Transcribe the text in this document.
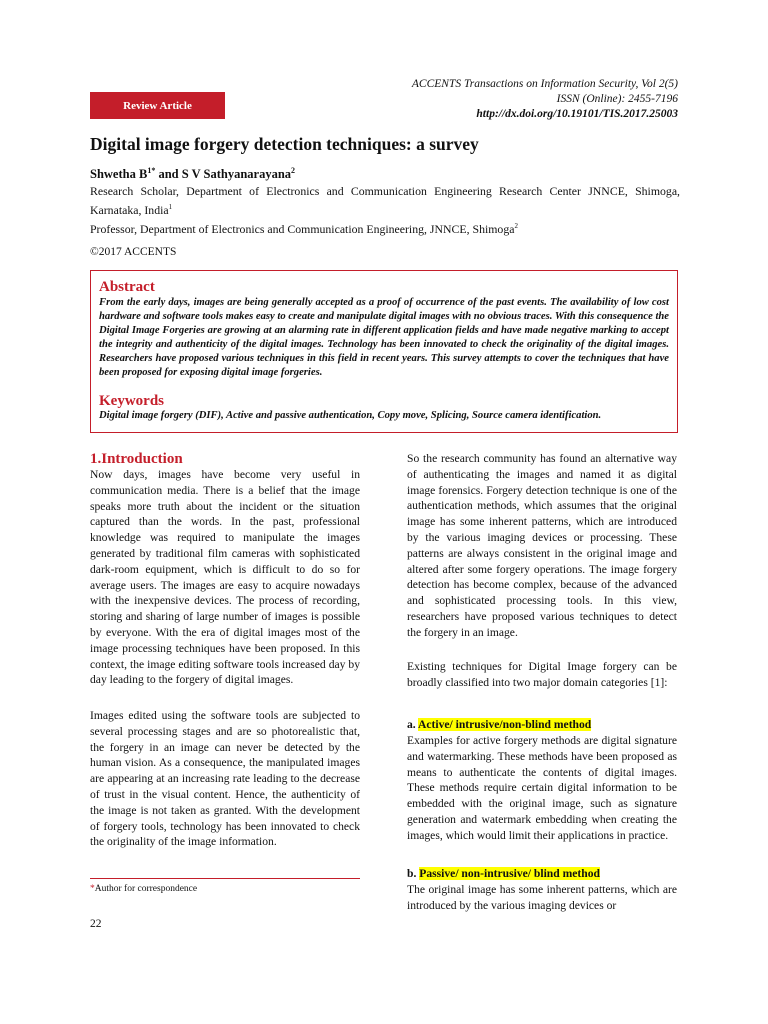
ACCENTS Transactions on Information Security, Vol 2(5)
ISSN (Online): 2455-7196
http://dx.doi.org/10.19101/TIS.2017.25003
Review Article
Digital image forgery detection techniques: a survey
Shwetha $B^{1*}$ and S V Sathyanarayana$^2$
Research Scholar, Department of Electronics and Communication Engineering Research Center JNNCE, Shimoga, Karnataka, India$^1$
Professor, Department of Electronics and Communication Engineering, JNNCE, Shimoga$^2$
©2017 ACCENTS
Abstract
From the early days, images are being generally accepted as a proof of occurrence of the past events. The availability of low cost hardware and software tools makes easy to create and manipulate digital images with no obvious traces. With this consequence the Digital Image Forgeries are growing at an alarming rate in different application fields and have made negative marking to accept the integrity and authenticity of the digital images. Technology has been innovated to check the originality of the digital images. Researchers have proposed various techniques in this field in recent years. This survey attempts to cover the techniques that have been proposed for exposing digital image forgeries.
Keywords
Digital image forgery (DIF), Active and passive authentication, Copy move, Splicing, Source camera identification.
1.Introduction

Now days, images have become very useful in communication media. There is a belief that the image speaks more truth about the incident or the situation captured than the words. In the past, professional knowledge was required to manipulate the images generated by traditional film cameras with sophisticated dark-room equipment, which is difficult to do so for average users. The images are easy to acquire nowadays with the inexpensive devices. The process of recording, storing and sharing of large number of images is possible by everyone. With the era of digital images most of the image processing techniques have been proposed. In this context, the image editing software tools increased day by day leading to the forgery of digital images.

Images edited using the software tools are subjected to several processing stages and are so photorealistic that, the forgery in an image can never be detected by the human vision. As a consequence, the manipulated images are appearing at an increasing rate leading to the decrease of trust in the visual content. Hence, the authenticity of the image is not taken as granted. With the development of forgery tools, technology has been innovated to check the originality of the image information.

So the research community has found an alternative way of authenticating the images and named it as digital image forensics. Forgery detection technique is one of the authentication methods, which assumes that the original image has some inherent patterns, which are introduced by the various imaging devices or processing. These patterns are always consistent in the original image and altered after some forgery operations. The image forgery detection has become complex, because of the advanced and sophisticated processing tools. In this view, researchers have proposed various techniques to detect the forgery in an image.

Existing techniques for Digital Image forgery can be broadly classified into two major domain categories [1]:

a. Active/ intrusive/non-blind method

Examples for active forgery methods are digital signature and watermarking. These methods have been proposed as means to authenticate the contents of digital images. These methods require certain digital information to be embedded with the original image, such as signature generation and watermark embedding when creating the images, which would limit their applications in practice.

b. Passive/ non-intrusive/ blind method

The original image has some inherent patterns, which are introduced by the various imaging devices or

*Author for correspondence
22
